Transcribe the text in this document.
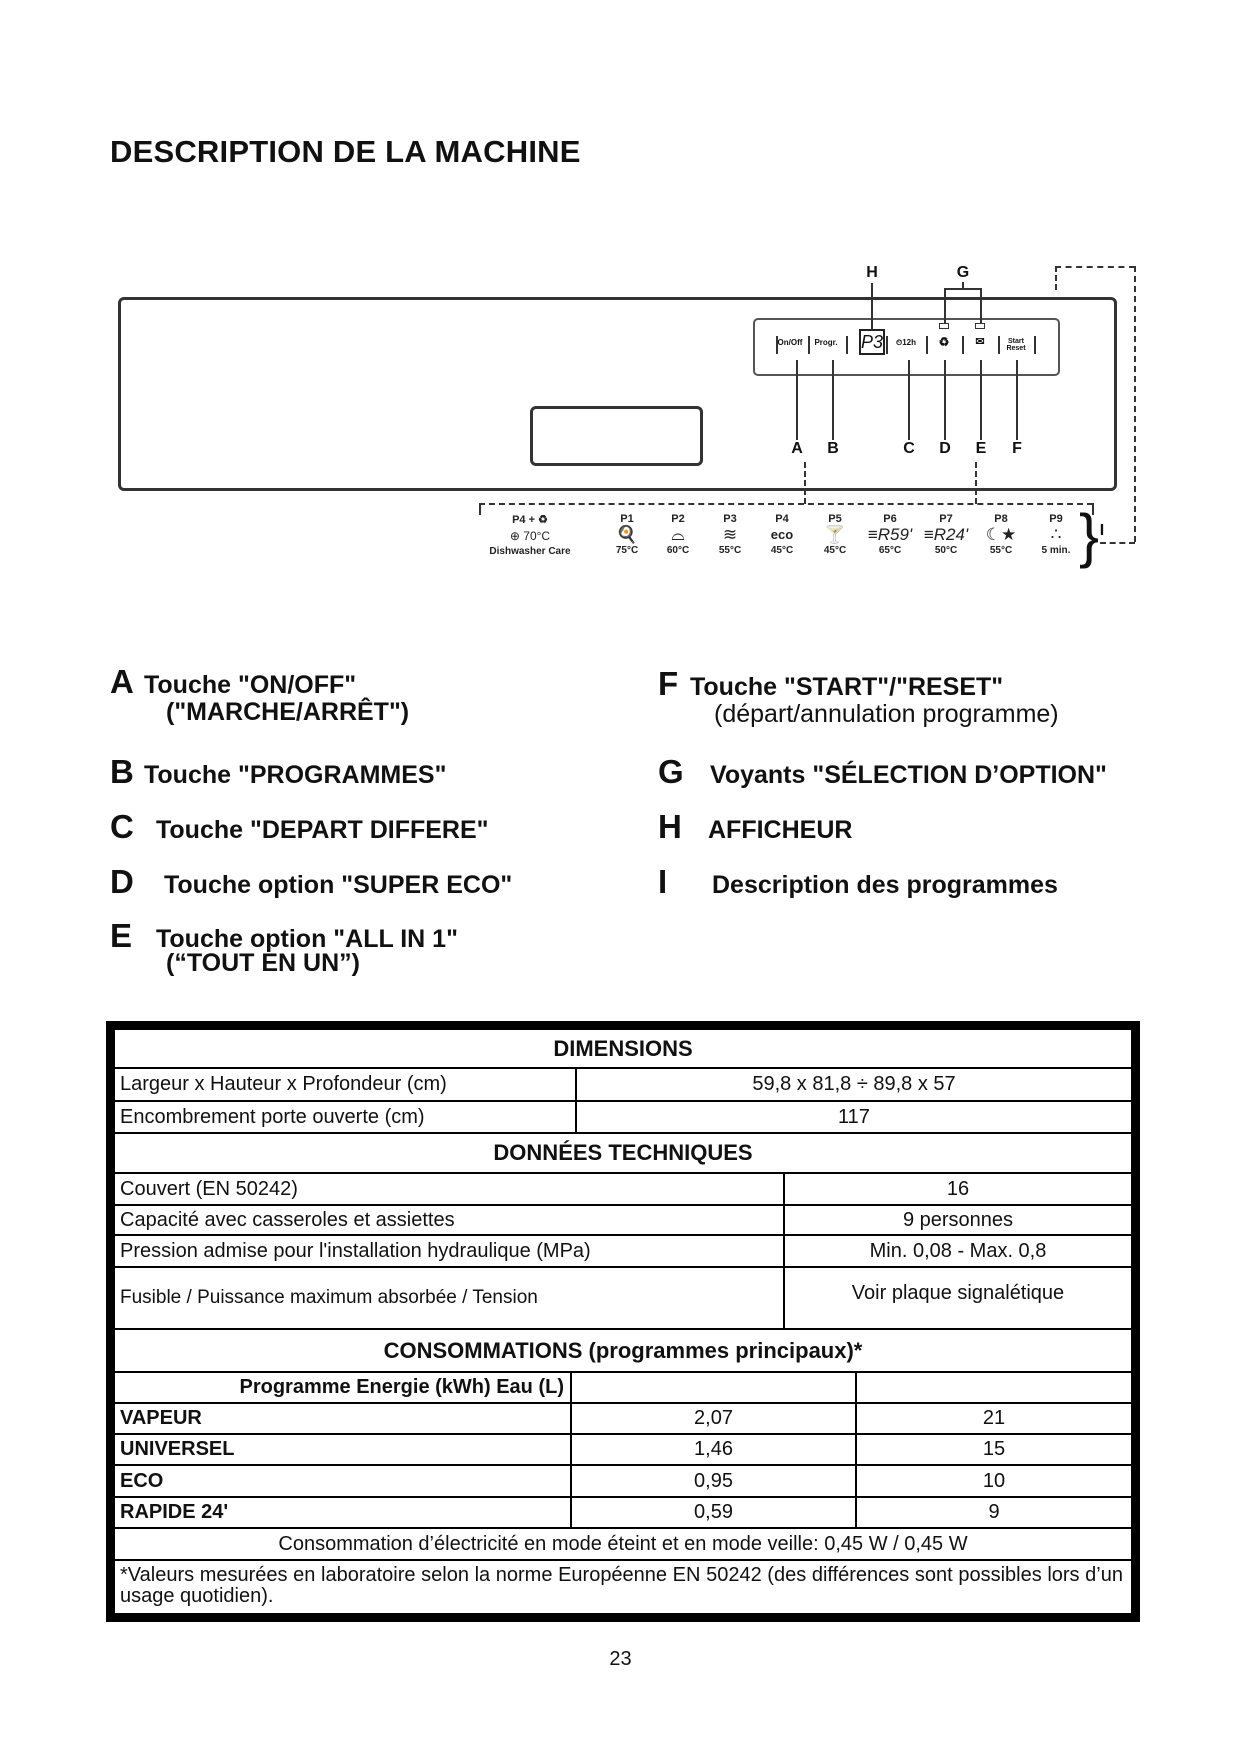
DESCRIPTION DE LA MACHINE
On/Off Progr. P3 ⏲12h ♻ ✉	Start Reset
A B	C D E F
G
H
I
}
P4 + ♻
⊕ 70°C
Dishwasher Care
P1
🍳
75°C
P2
⌓
60°C
P3
≋
55°C
P4
eco
45°C
P5
🍸
45°C
P6
≡R59'
65°C
P7
≡R24'
50°C
P8
☾★
55°C
P9
∴
5 min.
A Touche "ON/OFF"
("MARCHE/ARRÊT")
B Touche "PROGRAMMES"
C Touche "DEPART DIFFERE"
D Touche option "SUPER ECO"
E Touche option "ALL IN 1"
(“TOUT EN UN”)
F Touche "START"/"RESET"
(départ/annulation programme)
G Voyants "SÉLECTION D’OPTION"
H AFFICHEUR
I Description des programmes
DIMENSIONS
Largeur x Hauteur x Profondeur (cm)	59,8 x 81,8 ÷ 89,8 x 57
Encombrement porte ouverte (cm)	117
DONNÉES TECHNIQUES
Couvert (EN 50242)	16
Capacité avec casseroles et assiettes	9 personnes
Pression admise pour l'installation hydraulique (MPa)	Min. 0,08 - Max. 0,8
Fusible / Puissance maximum absorbée / Tension	Voir plaque signalétique
CONSOMMATIONS (programmes principaux)*
Programme Energie (kWh) Eau (L)
VAPEUR	2,07	21
UNIVERSEL	1,46	15
ECO	0,95	10
RAPIDE 24'	0,59	9
Consommation d’électricité en mode éteint et en mode veille: 0,45 W / 0,45 W
*Valeurs mesurées en laboratoire selon la norme Européenne EN 50242 (des différences sont possibles lors d’un usage quotidien).
23
